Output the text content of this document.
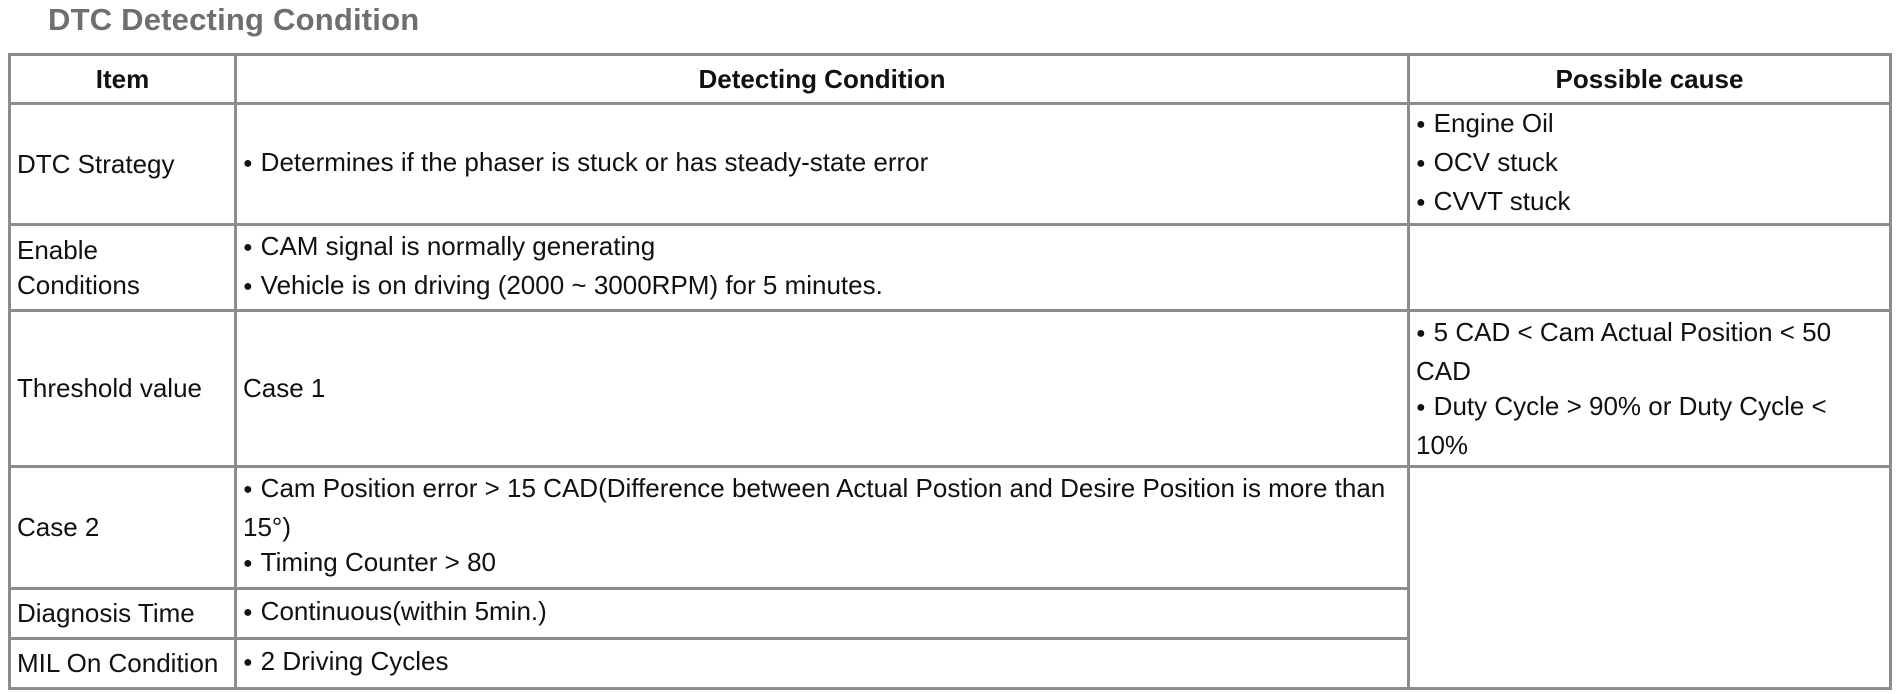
DTC Detecting Condition
Item	Detecting Condition	Possible cause
DTC Strategy	● Determines if the phaser is stuck or has steady-state error	● Engine Oil
● OCV stuck
● CVVT stuck

Enable Conditions	● CAM signal is normally generating
● Vehicle is on driving (2000 ~ 3000RPM) for 5 minutes.

Threshold value	Case 1	● 5 CAD < Cam Actual Position < 50 CAD
● Duty Cycle > 90% or Duty Cycle < 10%

Case 2	● Cam Position error > 15 CAD(Difference between Actual Postion and Desire Position is more than 15°)
● Timing Counter > 80

Diagnosis Time	● Continuous(within 5min.)

MIL On Condition	● 2 Driving Cycles
